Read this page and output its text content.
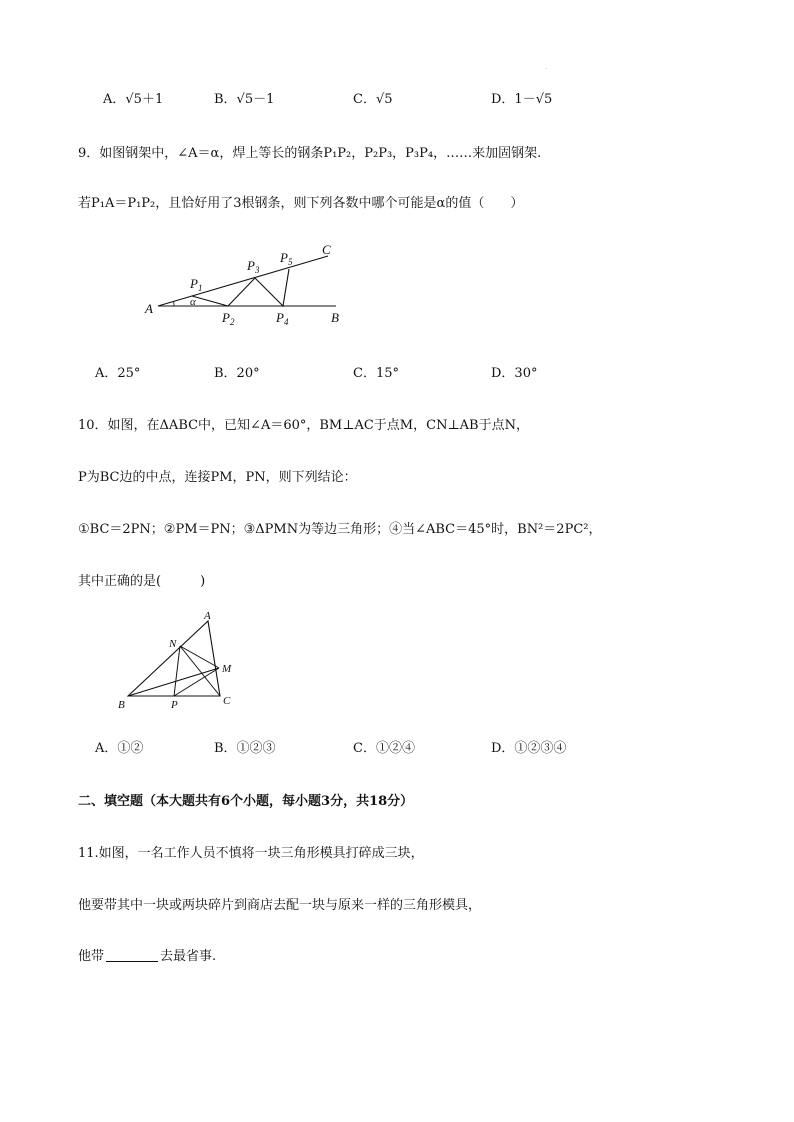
·
A．√5＋1	B．√5－1	C．√5	D．1－√5
9．如图钢架中，∠A＝α，焊上等长的钢条P₁P₂，P₂P₃，P₃P₄，……来加固钢架.
若P₁A＝P₁P₂，且恰好用了3根钢条，则下列各数中哪个可能是α的值（　　）
A
B
C
$P_1$
$P_2$
$P_3$
$P_4$
$P_5$
α
A．25°	B．20°	C．15°	D．30°
10．如图，在ΔABC中，已知∠A＝60°，BM⊥AC于点M，CN⊥AB于点N，
P为BC边的中点，连接PM，PN，则下列结论：
①BC＝2PN；②PM＝PN；③ΔPMN为等边三角形；④当∠ABC＝45°时，BN²＝2PC²，
其中正确的是(　　　)
A
N
M
B	P	C
A．①②	B．①②③	C．①②④	D．①②③④
二、填空题（本大题共有6个小题，每小题3分，共18分）
11.如图，一名工作人员不慎将一块三角形模具打碎成三块，
他要带其中一块或两块碎片到商店去配一块与原来一样的三角形模具，
他带	去最省事.
